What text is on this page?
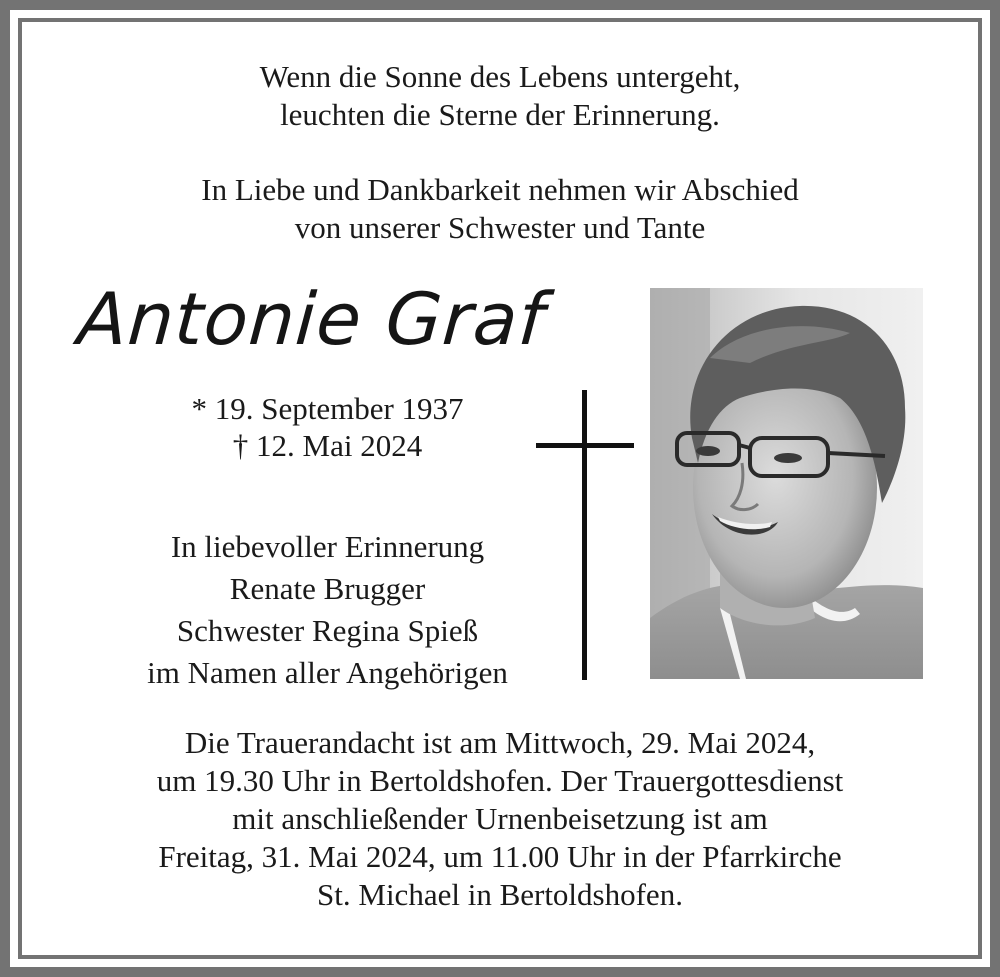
Wenn die Sonne des Lebens untergeht,
leuchten die Sterne der Erinnerung.

In Liebe und Dankbarkeit nehmen wir Abschied
von unserer Schwester und Tante

Antonie Graf

* 19. September 1937
† 12. Mai 2024

In liebevoller Erinnerung
Renate Brugger
Schwester Regina Spieß
im Namen aller Angehörigen

Die Trauerandacht ist am Mittwoch, 29. Mai 2024,
um 19.30 Uhr in Bertoldshofen. Der Trauergottesdienst
mit anschließender Urnenbeisetzung ist am
Freitag, 31. Mai 2024, um 11.00 Uhr in der Pfarrkirche
St. Michael in Bertoldshofen.
